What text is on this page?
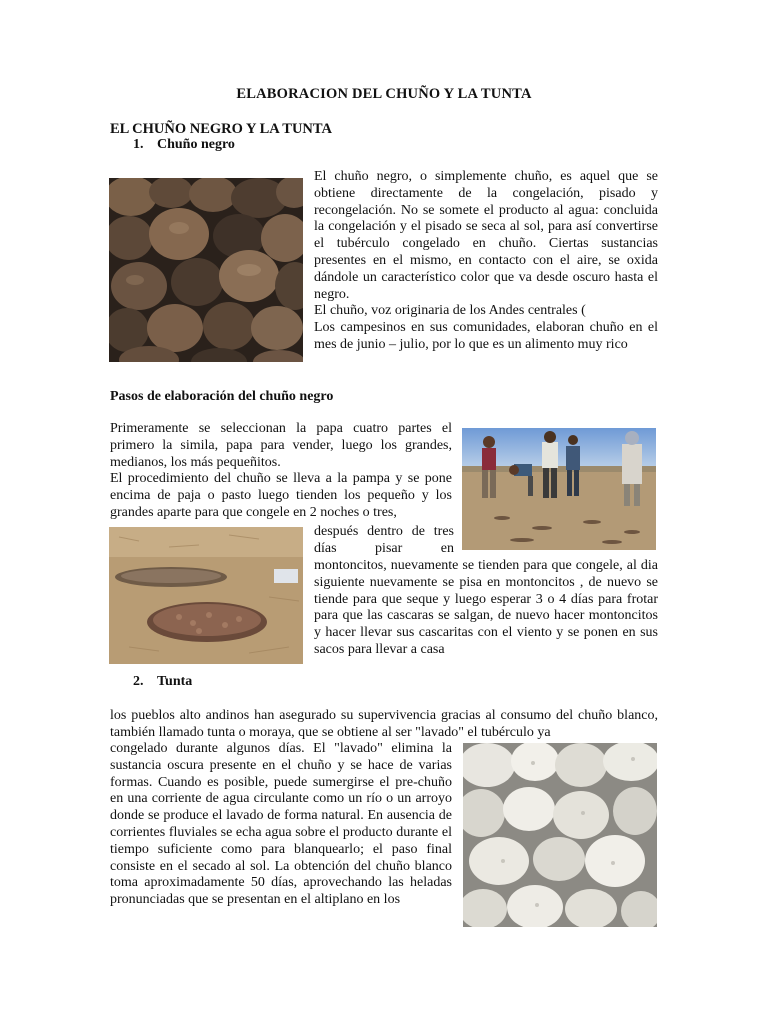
ELABORACION DEL CHUÑO Y LA TUNTA
EL CHUÑO NEGRO Y LA TUNTA
1. Chuño negro

El chuño negro, o simplemente chuño, es aquel que se obtiene directamente de la congelación, pisado y recongelación. No se somete el producto al agua: concluida la congelación y el pisado se seca al sol, para así convertirse el tubérculo congelado en chuño. Ciertas sustancias presentes en el mismo, en contacto con el aire, se oxida dándole un característico color que va desde oscuro hasta el negro.

El chuño, voz originaria de los Andes centrales (

Los campesinos en sus comunidades, elaboran chuño en el mes de junio – julio, por lo que es un alimento muy rico

Pasos de elaboración del chuño negro

Primeramente se seleccionan la papa cuatro partes el primero la simila, papa para vender, luego los grandes, medianos, los más pequeñitos.

El procedimiento del chuño se lleva a la pampa y se pone encima de paja o pasto luego tienden los pequeño y los grandes aparte para que congele en 2 noches o tres,

después dentro de tres días pisar en
montoncitos, nuevamente se tienden para que congele, al dia siguiente nuevamente se pisa en montoncitos , de nuevo se tiende para que seque y luego esperar 3 o 4 días para frotar para que las cascaras se salgan, de nuevo hacer montoncitos y hacer llevar sus cascaritas con el viento y se ponen en sus sacos para llevar a casa
2. Tunta
los pueblos alto andinos han asegurado su supervivencia gracias al consumo del chuño blanco, también llamado tunta o moraya, que se obtiene al ser "lavado" el tubérculo ya
congelado durante algunos días. El "lavado" elimina la sustancia oscura presente en el chuño y se hace de varias formas. Cuando es posible, puede sumergirse el pre-chuño en una corriente de agua circulante como un río o un arroyo donde se produce el lavado de forma natural. En ausencia de corrientes fluviales se echa agua sobre el producto durante el tiempo suficiente como para blanquearlo; el paso final consiste en el secado al sol. La obtención del chuño blanco toma aproximadamente 50 días, aprovechando las heladas pronunciadas que se presentan en el altiplano en los
